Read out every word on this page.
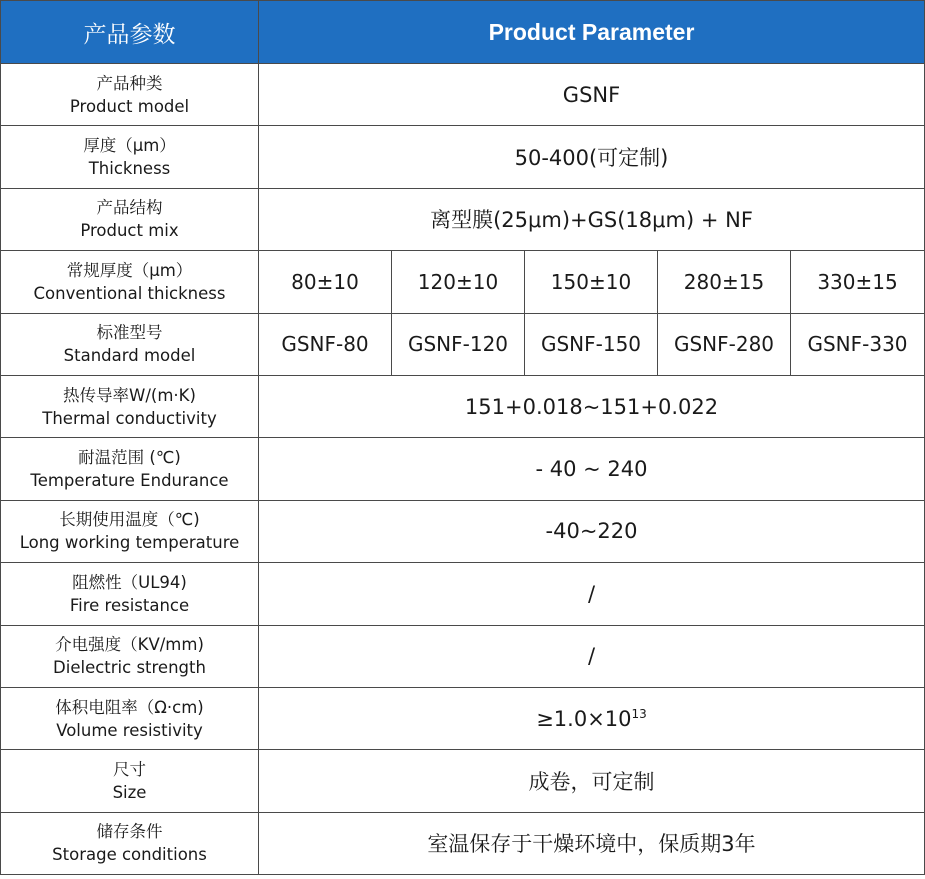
产品参数	Product Parameter				

产品种类
Product model	GSNF				

厚度（μm）
Thickness	50-400(可定制)				

产品结构
Product mix	离型膜(25μm)+GS(18μm) + NF				

常规厚度（μm）
Conventional thickness	80±10	120±10	150±10	280±15	330±15

标准型号
Standard model	GSNF-80	GSNF-120	GSNF-150	GSNF-280	GSNF-330

热传导率W/(m·K)
Thermal conductivity	151+0.018~151+0.022				

耐温范围 (℃)
Temperature Endurance	- 40 ~ 240				

长期使用温度（℃)
Long working temperature	-40~220				

阻燃性（UL94)
Fire resistance	/				

介电强度（KV/mm)
Dielectric strength	/				

体积电阻率（Ω·cm)
Volume resistivity	$\ge 1.0\times 10^{13}$

尺寸
Size	成卷，可定制				

储存条件
Storage conditions	室温保存于干燥环境中，保质期3年				
